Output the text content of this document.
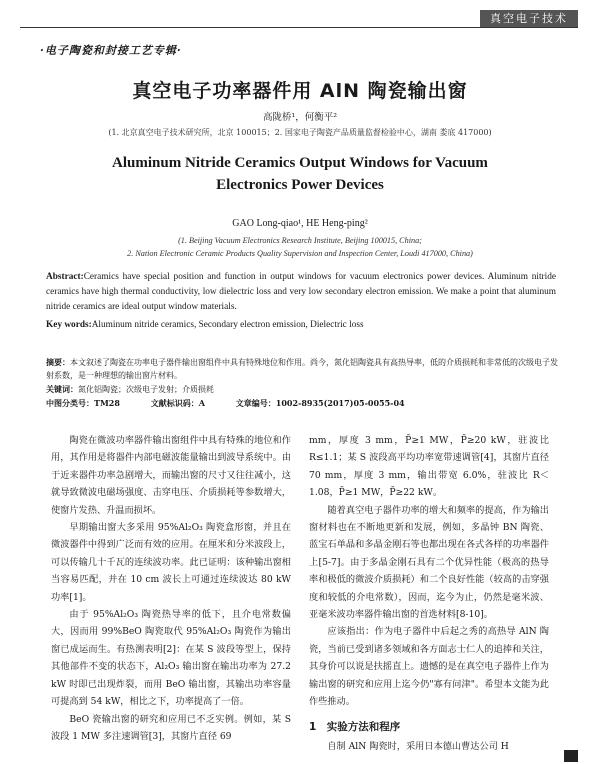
真空电子技术
·电子陶瓷和封接工艺专辑·
真空电子功率器件用 AlN 陶瓷输出窗
高陇桥¹，何衡平²
(1. 北京真空电子技术研究所，北京 100015；2. 国家电子陶瓷产品质量监督检验中心，湖南 娄底 417000)
Aluminum Nitride Ceramics Output Windows for Vacuum
Electronics Power Devices
GAO Long-qiao¹, HE Heng-ping²
(1. Beijing Vacuum Electronics Research Institute, Beijing 100015, China;
2. Nation Electronic Ceramic Products Quality Supervision and Inspection Center, Loudi 417000, China)
Abstract:Ceramics have special position and function in output windows for vacuum electronics power devices. Aluminum nitride ceramics have high thermal conductivity, low dielectric loss and very low secondary electron emission. We make a point that aluminum nitride ceramics are ideal output window materials.
Key words:Aluminum nitride ceramics, Secondary electron emission, Dielectric loss
摘要：本文叙述了陶瓷在功率电子器件输出窗组件中具有特殊地位和作用。尚今，氮化铝陶瓷具有高热导率，低的介质损耗和非常低的次级电子发射系数，是一种理想的输出窗片材料。
关键词：氮化铝陶瓷；次级电子发射；介质损耗
中图分类号：TM28	文献标识码：A	文章编号：1002-8935(2017)05-0055-04

陶瓷在微波功率器件输出窗组件中具有特殊的地位和作用，其作用是将器件内部电磁波能量输出到波导系统中。由于近来器件功率急剧增大，而输出窗的尺寸又往往减小，这就导致微波电磁场强度、击穿电压、介质损耗等参数增大，使窗片发热、升温而损坏。

早期输出窗大多采用 95%Al₂O₃ 陶瓷盒形窗，并且在微波器件中得到广泛而有效的应用。在厘米和分米波段上，可以传输几十千瓦的连续波功率。此已证明：该种输出窗相当容易匹配，并在 10 cm 波长上可通过连续波达 80 kW 功率[1]。

由于 95%Al₂O₃ 陶瓷热导率的低下，且介电常数偏大，因而用 99%BeO 陶瓷取代 95%Al₂O₃ 陶瓷作为输出窗已成运而生。有热测表明[2]：在某 S 波段等型上，保持其他部件不变的状态下，Al₂O₃ 输出窗在输出功率为 27.2 kW 时即已出现炸裂，而用 BeO 输出窗，其输出功率容量可提高到 54 kW，相比之下，功率提高了一倍。

BeO 瓷输出窗的研究和应用已不乏实例。例如，某 S 波段 1 MW 多注速调管[3]，其窗片直径 69

mm，厚度 3 mm，P̄≥1 MW，P̄≥20 kW，驻波比 R≤1.1；某 S 波段高平均功率宽带速调管[4]，其窗片直径 70 mm，厚度 3 mm，输出带宽 6.0%，驻波比 R＜1.08，P̄≥1 MW，P̄≥22 kW。

随着真空电子器件功率的增大和频率的提高，作为输出窗材料也在不断地更新和发展，例如，多晶钟 BN 陶瓷、蓝宝石单晶和多晶金刚石等也都出现在各式各样的功率器件上[5-7]。由于多晶金刚石具有二个优异性能（极高的热导率和极低的微波介质损耗）和二个良好性能（较高的击穿强度和较低的介电常数），因而，迄今为止，仍然是毫米波、亚毫米波功率器件输出窗的首选材料[8-10]。

应该指出：作为电子器件中后起之秀的高热导 AlN 陶瓷，当前已受到诸多领域和各方面志士仁人的追捧和关注，其身价可以说是扶摇直上。遗憾的是在真空电子器件上作为输出窗的研究和应用上迄今仍"寡有问津"。希望本文能为此作些推动。

1　实验方法和程序

　　自制 AlN 陶瓷时，采用日本德山曹达公司 H
